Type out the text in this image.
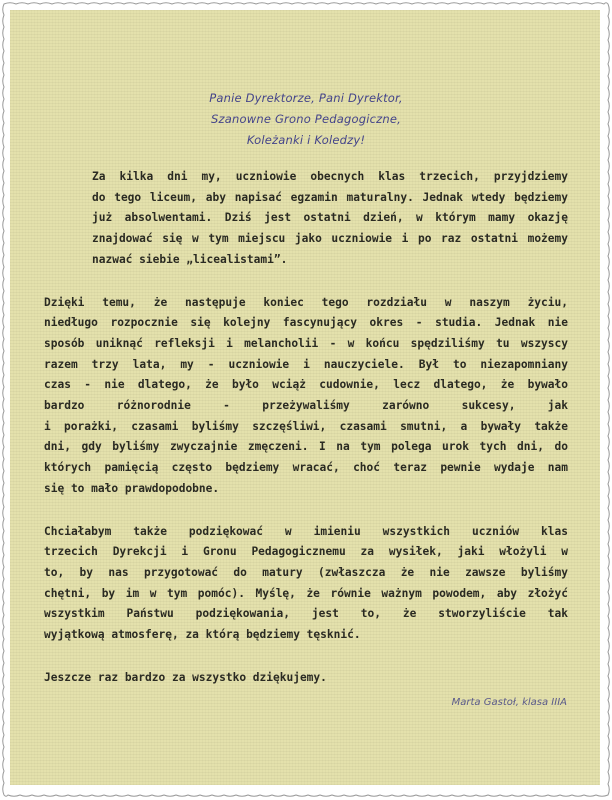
Panie Dyrektorze, Pani Dyrektor,
Szanowne Grono Pedagogiczne,
Koleżanki i Koledzy!

Za kilka dni my, uczniowie obecnych klas trzecich, przyjdziemy
do tego liceum, aby napisać egzamin maturalny. Jednak wtedy będziemy
już absolwentami. Dziś jest ostatni dzień, w którym mamy okazję
znajdować się w tym miejscu jako uczniowie i po raz ostatni możemy
nazwać siebie „licealistami”.

Dzięki temu, że następuje koniec tego rozdziału w naszym życiu,
niedługo rozpocznie się kolejny fascynujący okres - studia. Jednak nie
sposób uniknąć refleksji i melancholii - w końcu spędziliśmy tu wszyscy
razem trzy lata, my - uczniowie i nauczyciele. Był to niezapomniany
czas - nie dlatego, że było wciąż cudownie, lecz dlatego, że bywało
bardzo różnorodnie - przeżywaliśmy zarówno sukcesy, jak
i porażki, czasami byliśmy szczęśliwi, czasami smutni, a bywały także
dni, gdy byliśmy zwyczajnie zmęczeni. I na tym polega urok tych dni, do
których pamięcią często będziemy wracać, choć teraz pewnie wydaje nam
się to mało prawdopodobne.

Chciałabym także podziękować w imieniu wszystkich uczniów klas
trzecich Dyrekcji i Gronu Pedagogicznemu za wysiłek, jaki włożyli w
to, by nas przygotować do matury (zwłaszcza że nie zawsze byliśmy
chętni, by im w tym pomóc). Myślę, że równie ważnym powodem, aby złożyć
wszystkim Państwu podziękowania, jest to, że stworzyliście tak
wyjątkową atmosferę, za którą będziemy tęsknić.

Jeszcze raz bardzo za wszystko dziękujemy.

Marta Gastoł, klasa IIIA
